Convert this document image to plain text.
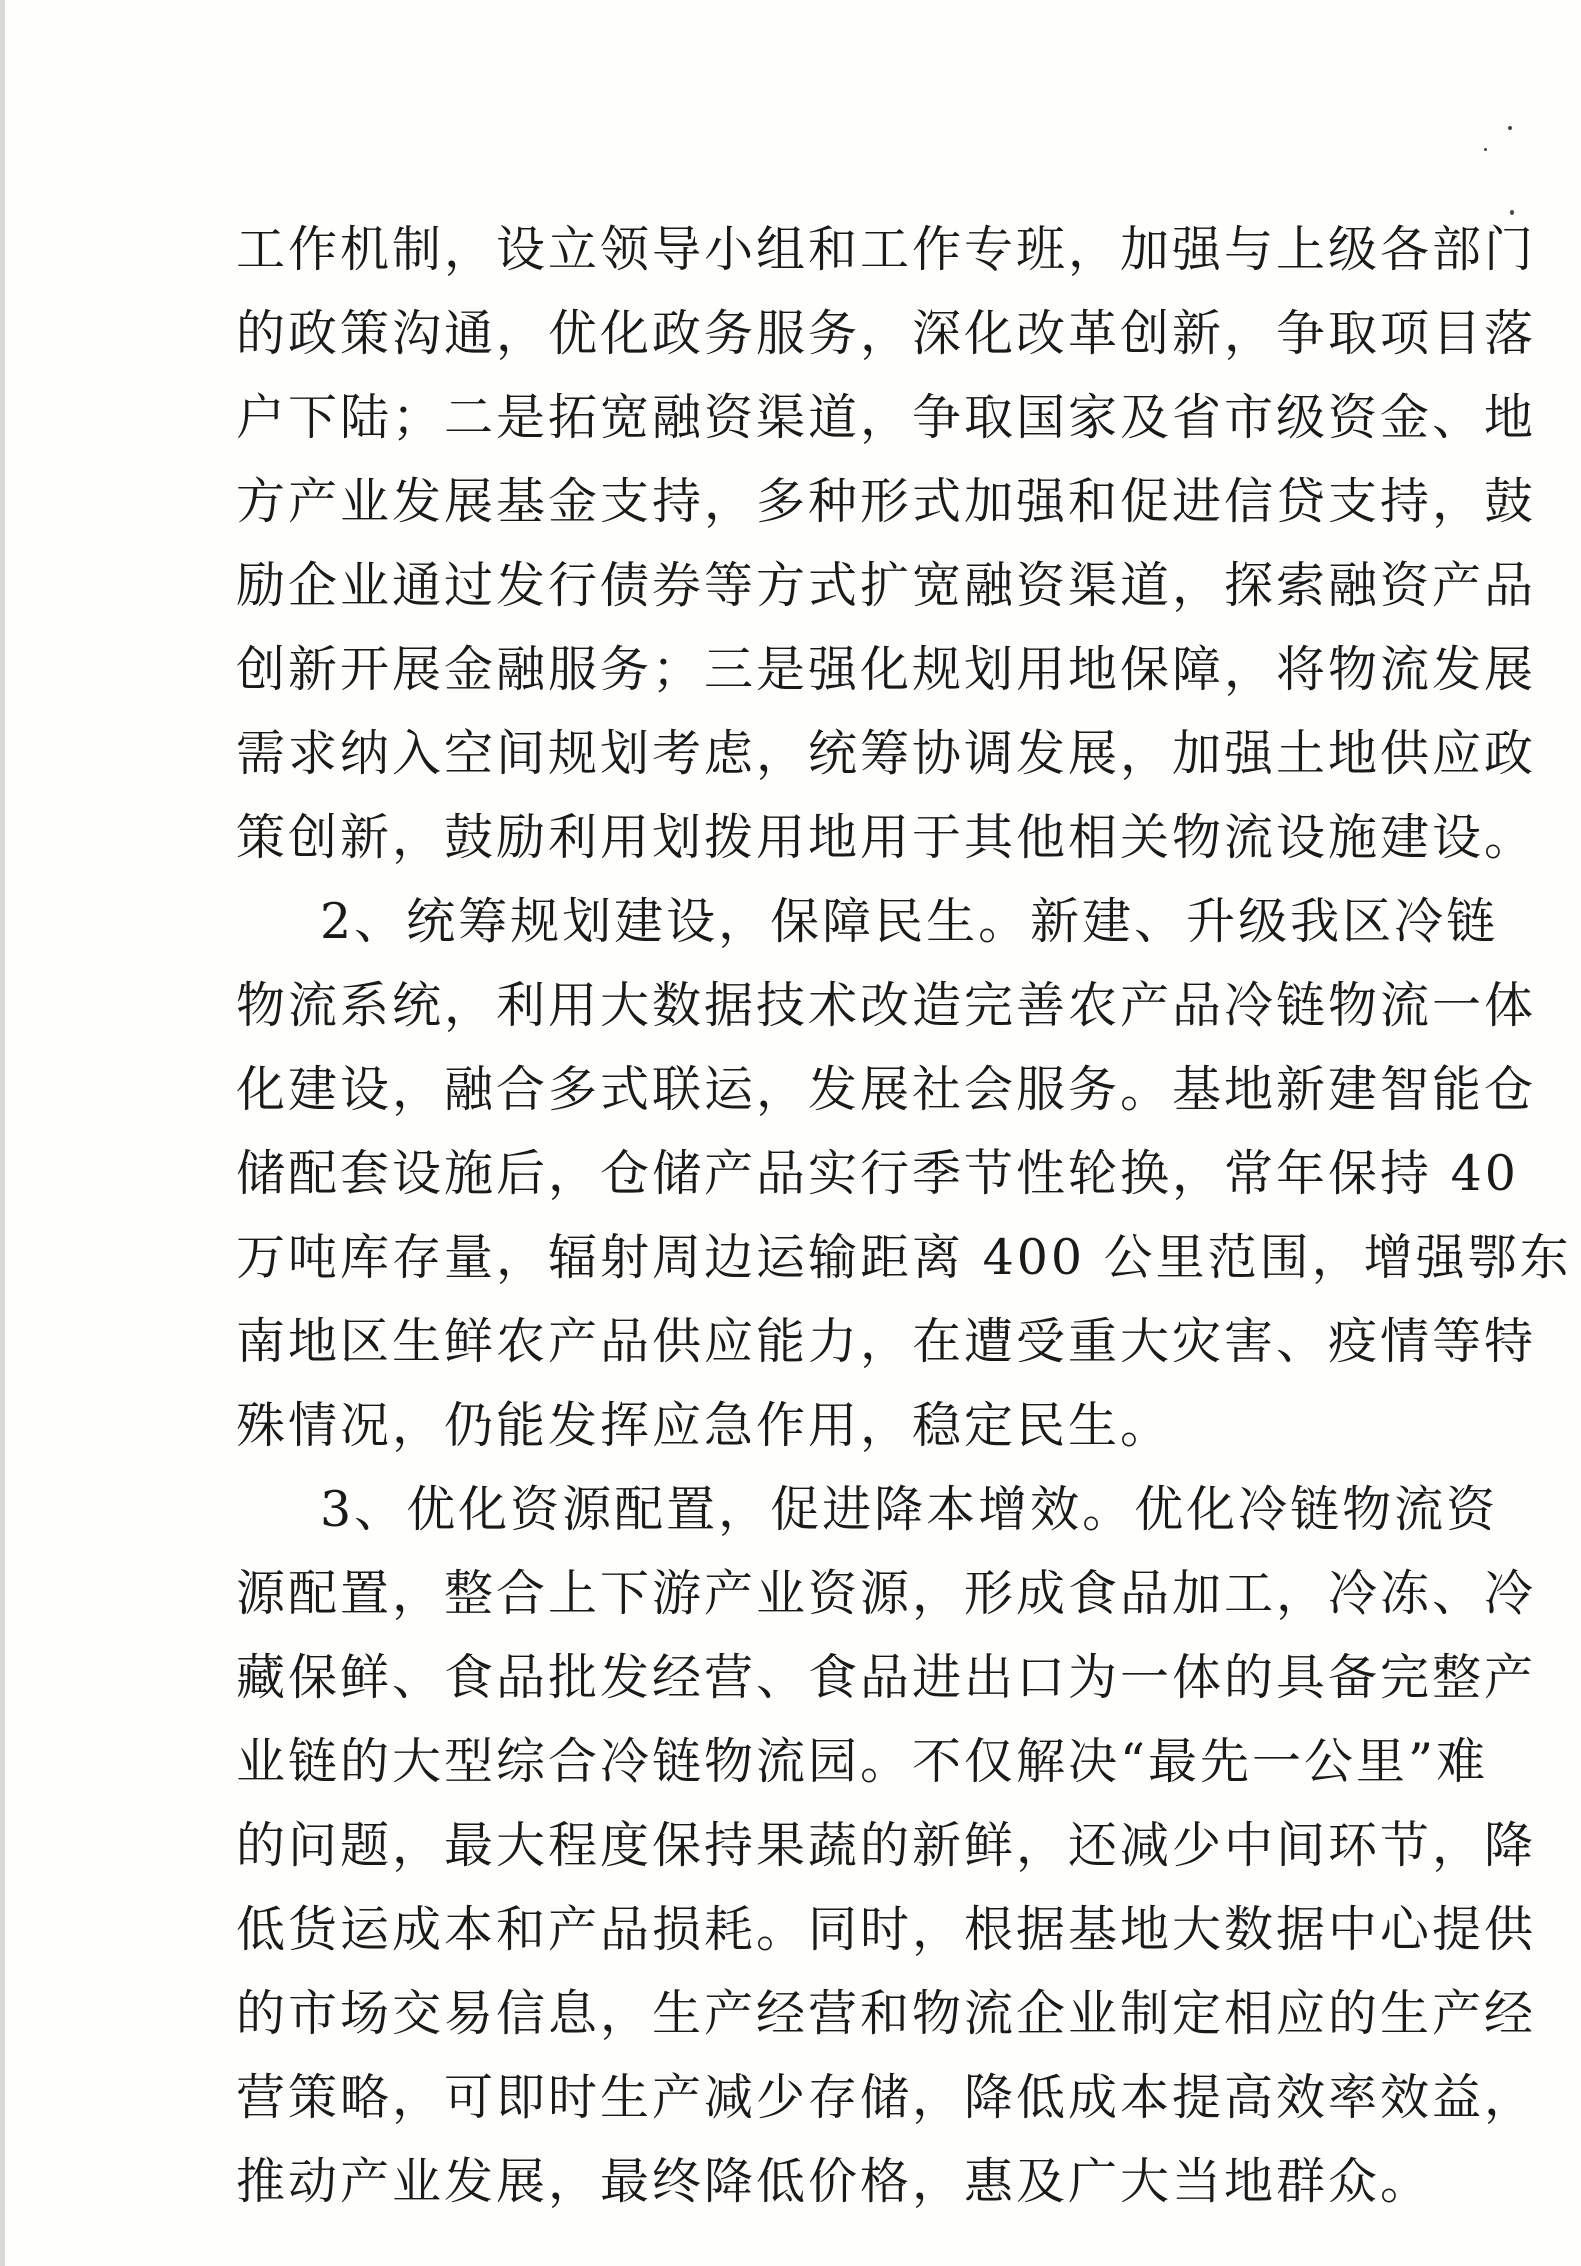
工作机制，设立领导小组和工作专班，加强与上级各部门
的政策沟通，优化政务服务，深化改革创新，争取项目落
户下陆；二是拓宽融资渠道，争取国家及省市级资金、地
方产业发展基金支持，多种形式加强和促进信贷支持，鼓
励企业通过发行债券等方式扩宽融资渠道，探索融资产品
创新开展金融服务；三是强化规划用地保障，将物流发展
需求纳入空间规划考虑，统筹协调发展，加强土地供应政
策创新，鼓励利用划拨用地用于其他相关物流设施建设。
2、统筹规划建设，保障民生。新建、升级我区冷链
物流系统，利用大数据技术改造完善农产品冷链物流一体
化建设，融合多式联运，发展社会服务。基地新建智能仓
储配套设施后，仓储产品实行季节性轮换，常年保持 40
万吨库存量，辐射周边运输距离 400 公里范围，增强鄂东
南地区生鲜农产品供应能力，在遭受重大灾害、疫情等特
殊情况，仍能发挥应急作用，稳定民生。
3、优化资源配置，促进降本增效。优化冷链物流资
源配置，整合上下游产业资源，形成食品加工，冷冻、冷
藏保鲜、食品批发经营、食品进出口为一体的具备完整产
业链的大型综合冷链物流园。不仅解决“最先一公里”难
的问题，最大程度保持果蔬的新鲜，还减少中间环节，降
低货运成本和产品损耗。同时，根据基地大数据中心提供
的市场交易信息，生产经营和物流企业制定相应的生产经
营策略，可即时生产减少存储，降低成本提高效率效益，
推动产业发展，最终降低价格，惠及广大当地群众。
